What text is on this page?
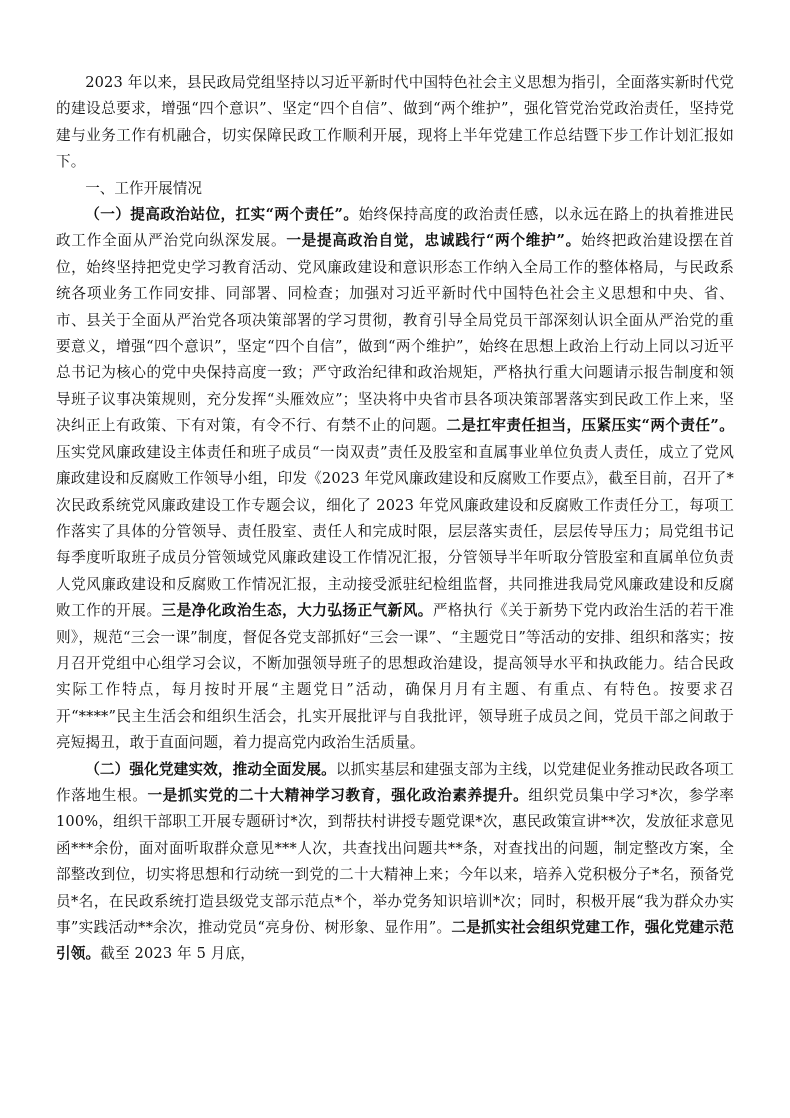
2023 年以来，县民政局党组坚持以习近平新时代中国特色社会主义思想为指引，全面落实新时代党的建设总要求，增强“四个意识”、坚定“四个自信”、做到“两个维护”，强化管党治党政治责任，坚持党建与业务工作有机融合，切实保障民政工作顺利开展，现将上半年党建工作总结暨下步工作计划汇报如下。

一、工作开展情况

（一）提高政治站位，扛实“两个责任”。始终保持高度的政治责任感，以永远在路上的执着推进民政工作全面从严治党向纵深发展。一是提高政治自觉，忠诚践行“两个维护”。始终把政治建设摆在首位，始终坚持把党史学习教育活动、党风廉政建设和意识形态工作纳入全局工作的整体格局，与民政系统各项业务工作同安排、同部署、同检查；加强对习近平新时代中国特色社会主义思想和中央、省、市、县关于全面从严治党各项决策部署的学习贯彻，教育引导全局党员干部深刻认识全面从严治党的重要意义，增强“四个意识”，坚定“四个自信”，做到“两个维护”，始终在思想上政治上行动上同以习近平总书记为核心的党中央保持高度一致；严守政治纪律和政治规矩，严格执行重大问题请示报告制度和领导班子议事决策规则，充分发挥“头雁效应”；坚决将中央省市县各项决策部署落实到民政工作上来，坚决纠正上有政策、下有对策，有令不行、有禁不止的问题。二是扛牢责任担当，压紧压实“两个责任”。压实党风廉政建设主体责任和班子成员“一岗双责”责任及股室和直属事业单位负责人责任，成立了党风廉政建设和反腐败工作领导小组，印发《2023 年党风廉政建设和反腐败工作要点》，截至目前，召开了*次民政系统党风廉政建设工作专题会议，细化了 2023 年党风廉政建设和反腐败工作责任分工，每项工作落实了具体的分管领导、责任股室、责任人和完成时限，层层落实责任，层层传导压力；局党组书记每季度听取班子成员分管领域党风廉政建设工作情况汇报，分管领导半年听取分管股室和直属单位负责人党风廉政建设和反腐败工作情况汇报，主动接受派驻纪检组监督，共同推进我局党风廉政建设和反腐败工作的开展。三是净化政治生态，大力弘扬正气新风。严格执行《关于新势下党内政治生活的若干准则》，规范“三会一课”制度，督促各党支部抓好“三会一课”、“主题党日”等活动的安排、组织和落实；按月召开党组中心组学习会议，不断加强领导班子的思想政治建设，提高领导水平和执政能力。结合民政实际工作特点，每月按时开展“主题党日”活动，确保月月有主题、有重点、有特色。按要求召开“****”民主生活会和组织生活会，扎实开展批评与自我批评，领导班子成员之间，党员干部之间敢于亮短揭丑，敢于直面问题，着力提高党内政治生活质量。

（二）强化党建实效，推动全面发展。以抓实基层和建强支部为主线，以党建促业务推动民政各项工作落地生根。一是抓实党的二十大精神学习教育，强化政治素养提升。组织党员集中学习*次，参学率 100%，组织干部职工开展专题研讨*次，到帮扶村讲授专题党课*次，惠民政策宣讲**次，发放征求意见函***余份，面对面听取群众意见***人次，共查找出问题共**条，对查找出的问题，制定整改方案，全部整改到位，切实将思想和行动统一到党的二十大精神上来；今年以来，培养入党积极分子*名，预备党员*名，在民政系统打造县级党支部示范点*个，举办党务知识培训*次；同时，积极开展“我为群众办实事”实践活动**余次，推动党员“亮身份、树形象、显作用”。二是抓实社会组织党建工作，强化党建示范引领。截至 2023 年 5 月底，
